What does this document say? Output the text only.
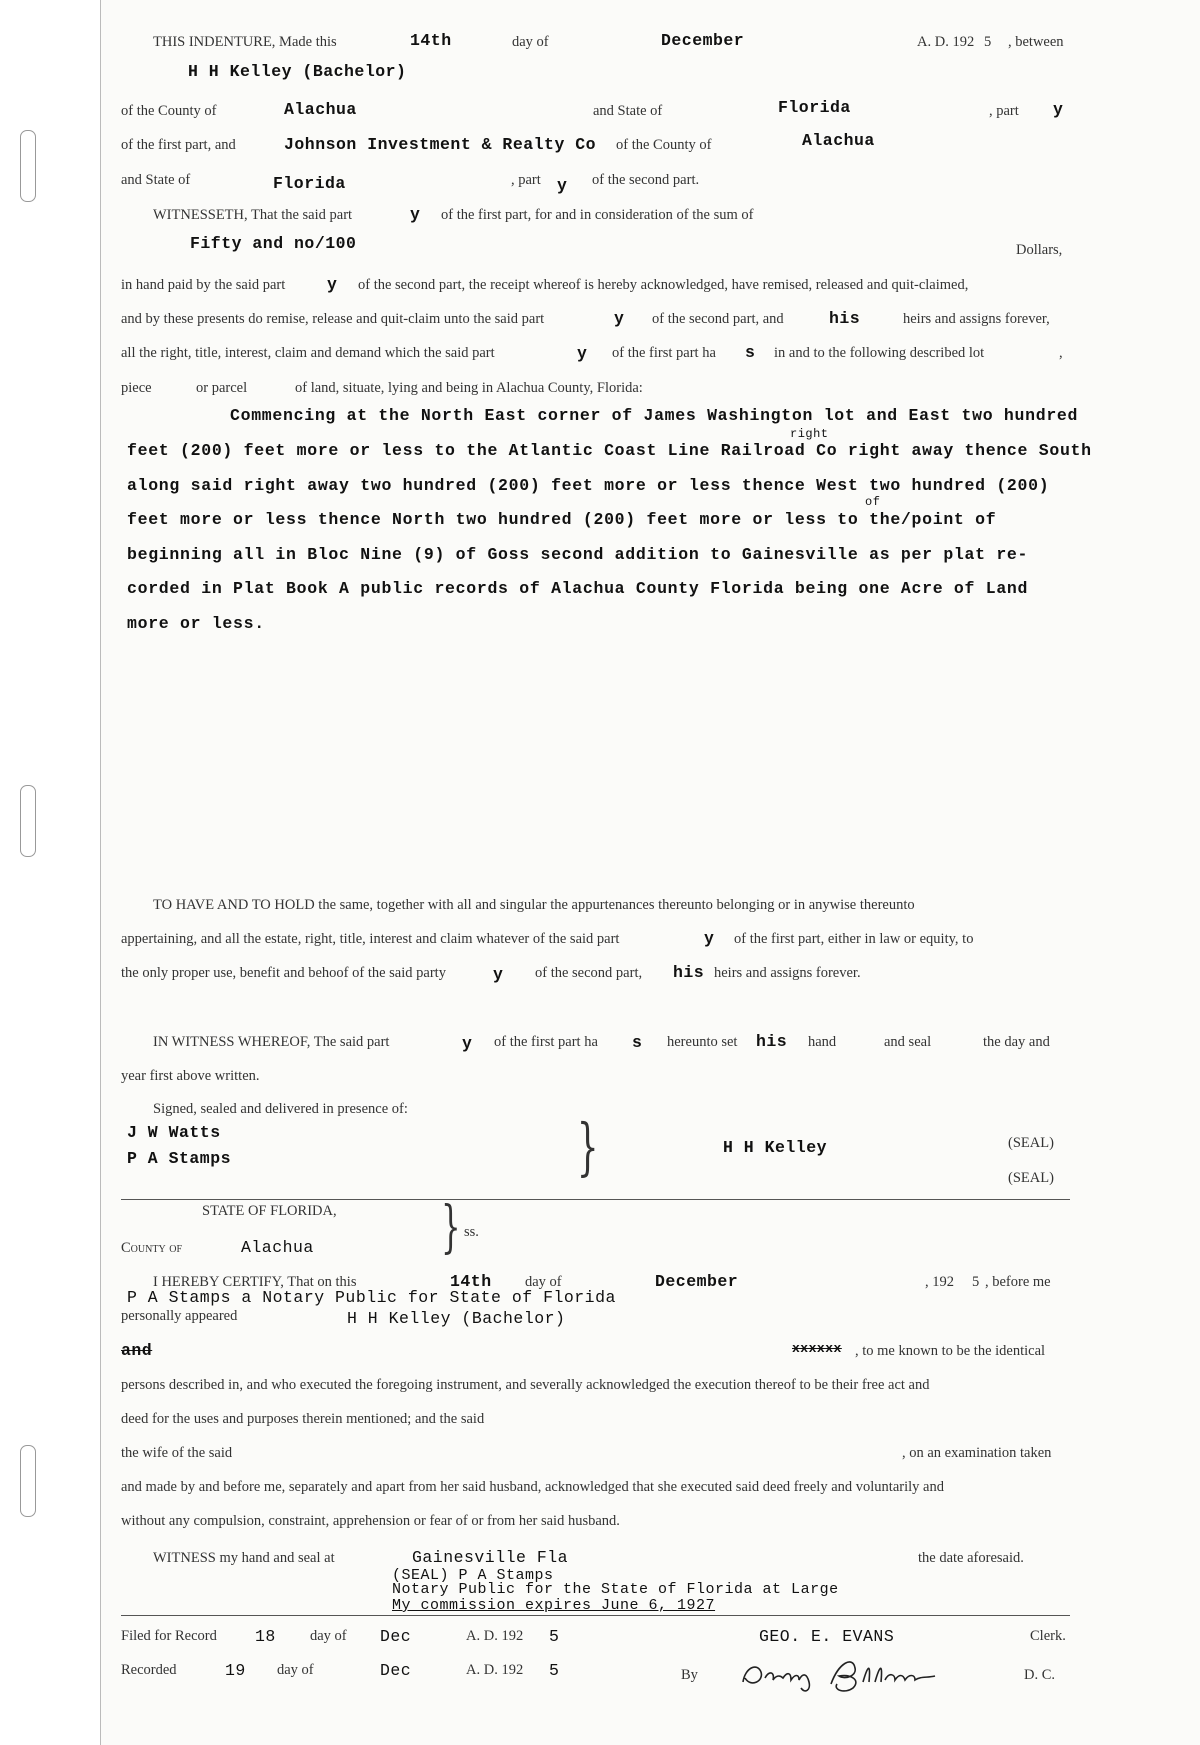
THIS INDENTURE, Made this	14th	day of	December	A. D. 192 5 , between
H H Kelley (Bachelor)
of the County of	Alachua	and State of	Florida	, part y
of the first part, and	Johnson Investment & Realty Co of the County of	Alachua
and State of	Florida	, part y of the second part.
WITNESSETH, That the said part	y of the first part, for and in consideration of the sum of
Fifty and no/100	Dollars,
in hand paid by the said part	y of the second part, the receipt whereof is hereby acknowledged, have remised, released and quit-claimed,
and by these presents do remise, release and quit-claim unto the said part	y of the second part, and	his	heirs and assigns forever,
all the right, title, interest, claim and demand which the said part	y of the first part ha s in and to the following described lot	,
piece	or parcel	of land, situate, lying and being in Alachua County, Florida:
right
of
Commencing at the North East corner of James Washington lot and East two hundred
feet (200) feet more or less to the Atlantic Coast Line Railroad Co right away thence South
along said right away two hundred (200) feet more or less thence West two hundred (200)
feet more or less thence North two hundred (200) feet more or less to the/point of
beginning all in Bloc Nine (9) of Goss second addition to Gainesville as per plat re-
corded in Plat Book A public records of Alachua County Florida being one Acre of Land
more or less.
TO HAVE AND TO HOLD the same, together with all and singular the appurtenances thereunto belonging or in anywise thereunto
appertaining, and all the estate, right, title, interest and claim whatever of the said part	y of the first part, either in law or equity, to
the only proper use, benefit and behoof of the said party	y of the second part, his heirs and assigns forever.
IN WITNESS WHEREOF, The said part	y of the first part ha s hereunto set his hand	and seal	the day and
year first above written.
Signed, sealed and delivered in presence of:
J W Watts
P A Stamps	}	H H Kelley	(SEAL)
(SEAL)
STATE OF FLORIDA,
County of	Alachua } ss.
I HEREBY CERTIFY, That on this	14th day of	December	, 192 5 , before me
P A Stamps a Notary Public for State of Florida
personally appeared	H H Kelley (Bachelor)
and	xxxxxx , to me known to be the identical
persons described in, and who executed the foregoing instrument, and severally acknowledged the execution thereof to be their free act and
deed for the uses and purposes therein mentioned; and the said
the wife of the said	, on an examination taken
and made by and before me, separately and apart from her said husband, acknowledged that she executed said deed freely and voluntarily and
without any compulsion, constraint, apprehension or fear of or from her said husband.
WITNESS my hand and seal at	Gainesville Fla	the date aforesaid.
(SEAL) P A Stamps
Notary Public for the State of Florida at Large
My commission expires June 6, 1927
Filed for Record 18 day of Dec	A. D. 192 5	GEO. E. EVANS	Clerk.
Recorded	19 day of	Dec	A. D. 192 5	By	D. C.
